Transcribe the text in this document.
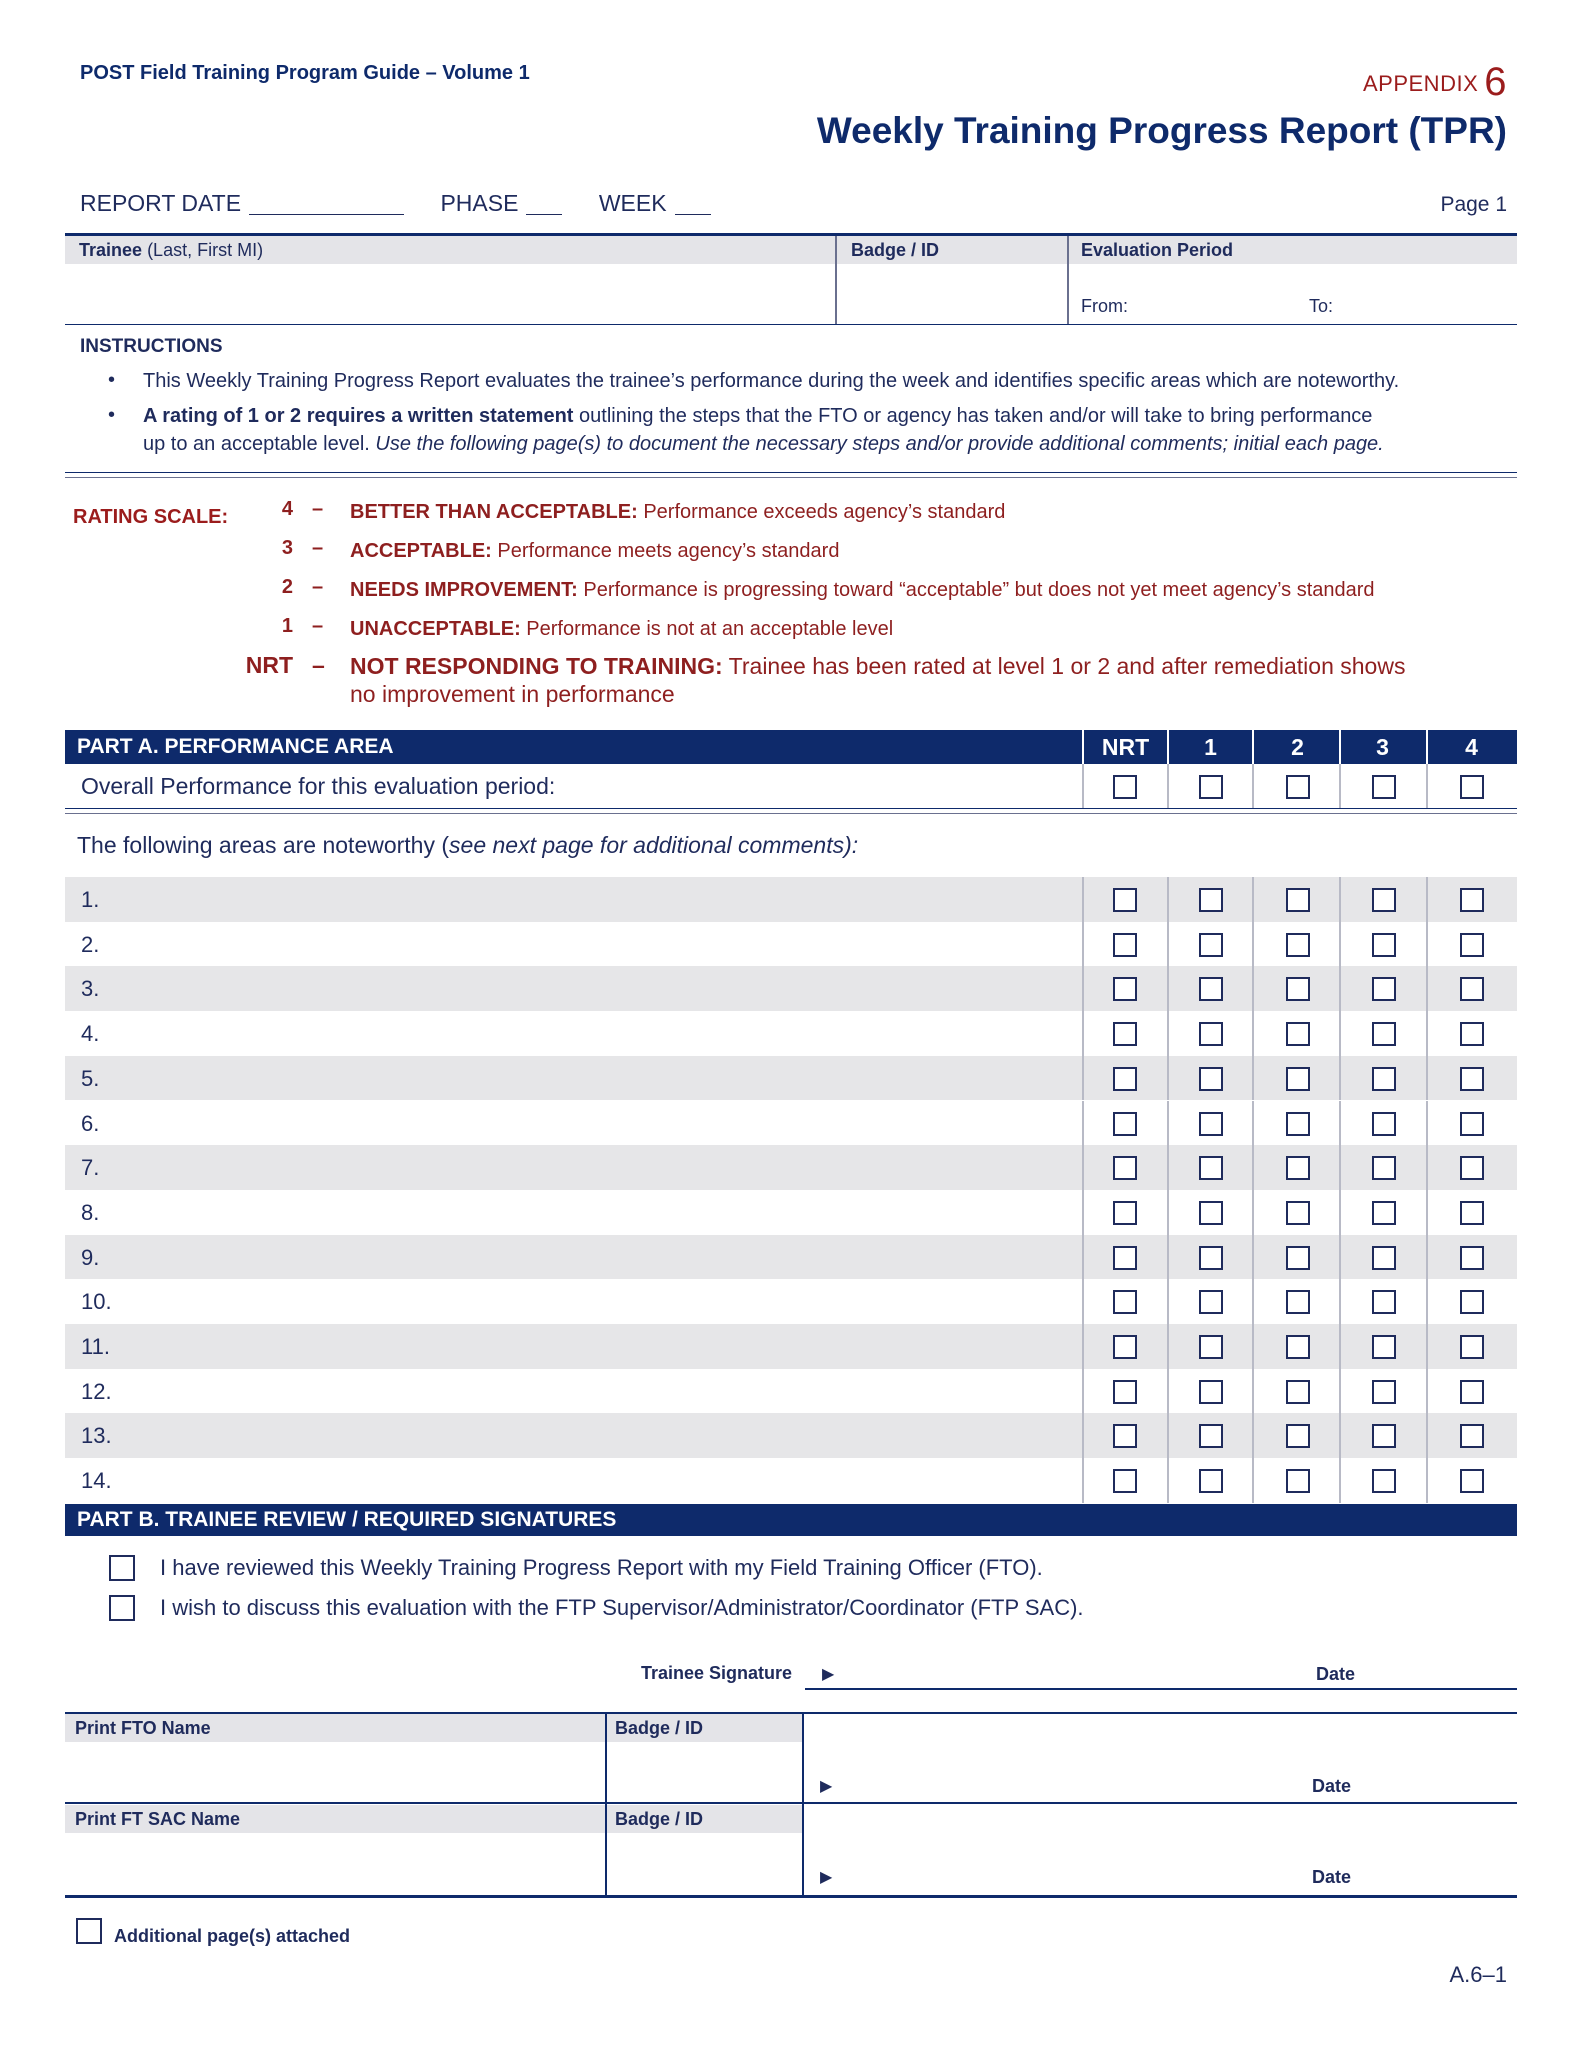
POST Field Training Program Guide – Volume 1	APPENDIX 6
Weekly Training Progress Report (TPR)
REPORT DATE	PHASE	WEEK	Page 1
Trainee (Last, First MI)	Badge / ID	Evaluation Period
From:	To:
INSTRUCTIONS
• This Weekly Training Progress Report evaluates the trainee’s performance during the week and identifies specific areas which are noteworthy.
• A rating of 1 or 2 requires a written statement outlining the steps that the FTO or agency has taken and/or will take to bring performance
up to an acceptable level. Use the following page(s) to document the necessary steps and/or provide additional comments; initial each page.
RATING SCALE:	4 – BETTER THAN ACCEPTABLE: Performance exceeds agency’s standard
3 – ACCEPTABLE: Performance meets agency’s standard
2 – NEEDS IMPROVEMENT: Performance is progressing toward “acceptable” but does not yet meet agency’s standard
1 – UNACCEPTABLE: Performance is not at an acceptable level
NRT – NOT RESPONDING TO TRAINING: Trainee has been rated at level 1 or 2 and after remediation shows no improvement in performance
PART A. PERFORMANCE AREA	NRT	1	2	3	4
Overall Performance for this evaluation period:
The following areas are noteworthy (see next page for additional comments):
1.
2.
3.
4.
5.
6.
7.
8.
9.
10.
11.
12.
13.
14.
PART B. TRAINEE REVIEW / REQUIRED SIGNATURES
I have reviewed this Weekly Training Progress Report with my Field Training Officer (FTO).
I wish to discuss this evaluation with the FTP Supervisor/Administrator/Coordinator (FTP SAC).
Trainee Signature ▶	Date
Print FTO Name	Badge / ID
▶	Date
Print FT SAC Name	Badge / ID
▶	Date
Additional page(s) attached
A.6–1
